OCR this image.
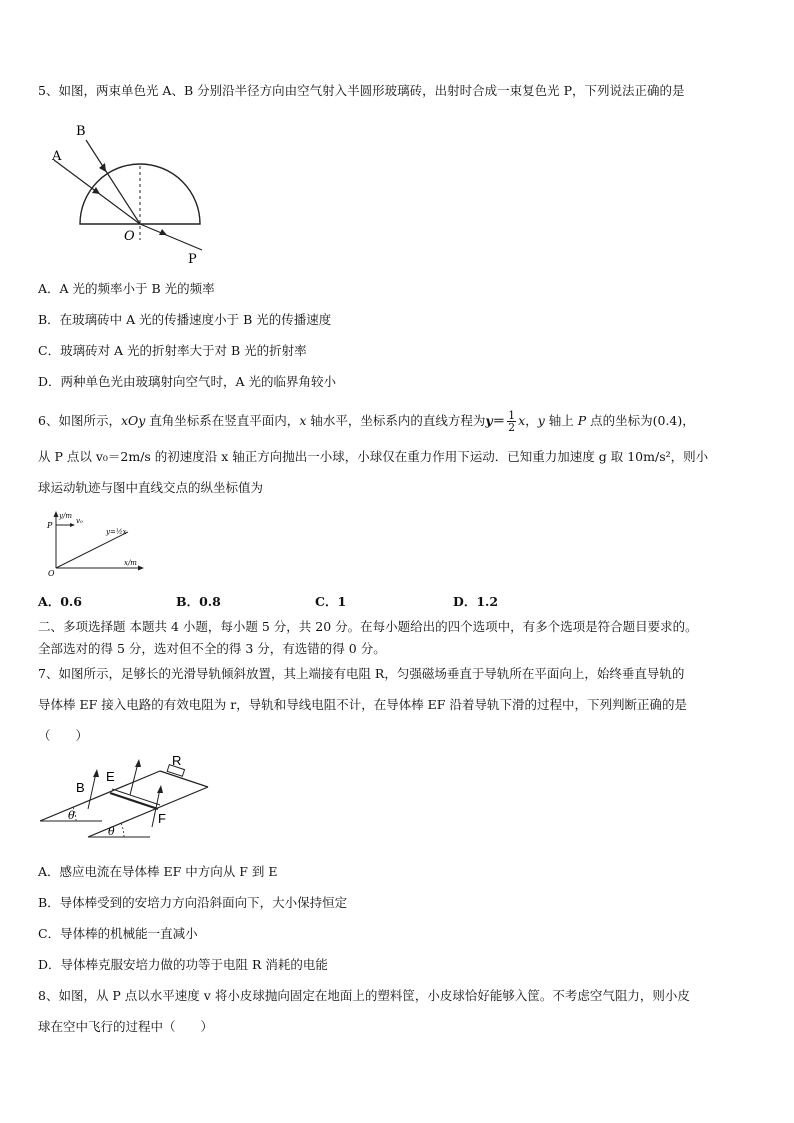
5、如图，两束单色光 A、B 分别沿半径方向由空气射入半圆形玻璃砖，出射时合成一束复色光 P，下列说法正确的是
A
B
O
P
A．A 光的频率小于 B 光的频率
B．在玻璃砖中 A 光的传播速度小于 B 光的传播速度
C．玻璃砖对 A 光的折射率大于对 B 光的折射率
D．两种单色光由玻璃射向空气时，A 光的临界角较小
6、如图所示，xOy 直角坐标系在竖直平面内，x 轴水平，坐标系内的直线方程为$y= \frac{1}{2}$ x，y 轴上 P 点的坐标为(0.4)，
从 P 点以 v₀＝2m/s 的初速度沿 x 轴正方向抛出一小球，小球仅在重力作用下运动．已知重力加速度 g 取 10m/s²，则小
球运动轨迹与图中直线交点的纵坐标值为
y/m
x/m
P	v₀
O
y=½x
A．0.6	B．0.8	C．1	D．1.2
二、多项选择题 本题共 4 小题，每小题 5 分，共 20 分。在每小题给出的四个选项中，有多个选项是符合题目要求的。
全部选对的得 5 分，选对但不全的得 3 分，有选错的得 0 分。
7、如图所示，足够长的光滑导轨倾斜放置，其上端接有电阻 R，匀强磁场垂直于导轨所在平面向上，始终垂直导轨的
导体棒 EF 接入电路的有效电阻为 r，导轨和导线电阻不计，在导体棒 EF 沿着导轨下滑的过程中，下列判断正确的是
（　　）
B
E
F
R
θ
θ
A．感应电流在导体棒 EF 中方向从 F 到 E
B．导体棒受到的安培力方向沿斜面向下，大小保持恒定
C．导体棒的机械能一直减小
D．导体棒克服安培力做的功等于电阻 R 消耗的电能
8、如图，从 P 点以水平速度 v 将小皮球抛向固定在地面上的塑料筐，小皮球恰好能够入筐。不考虑空气阻力，则小皮
球在空中飞行的过程中（　　）
